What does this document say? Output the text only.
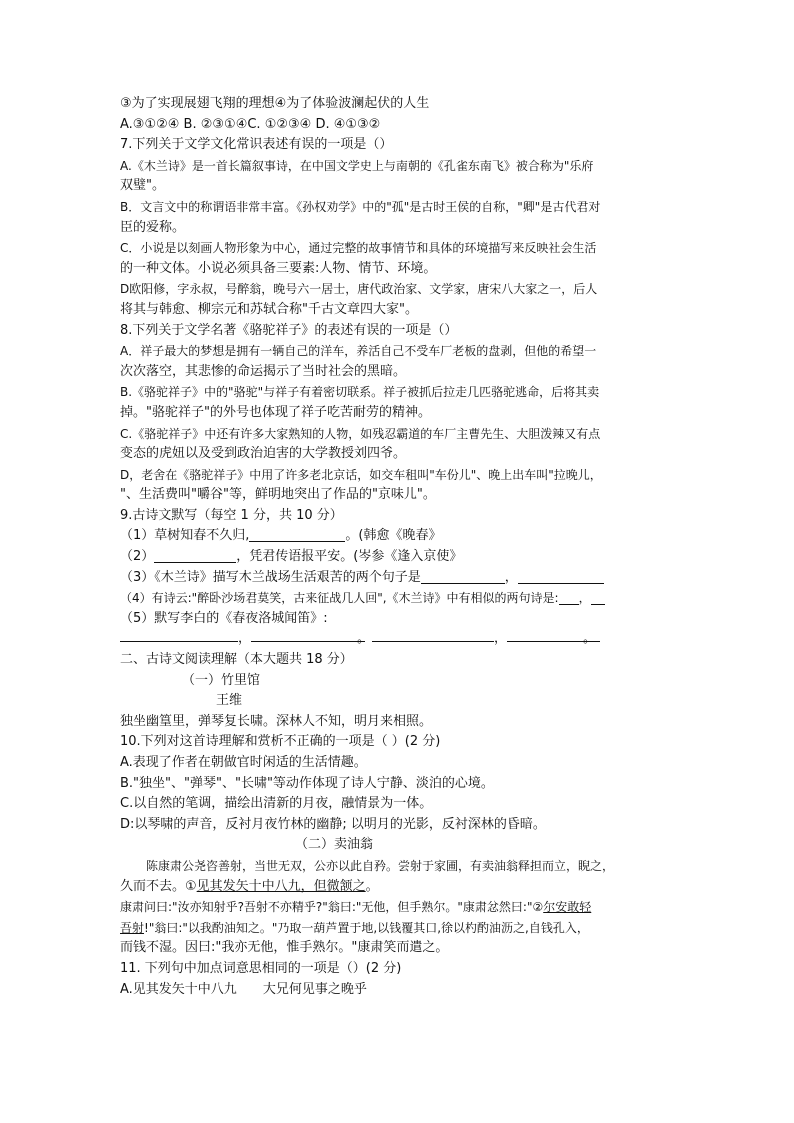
③为了实现展翅飞翔的理想④为了体验波澜起伏的人生
A.③①②④ B. ②③①④C. ①②③④ D. ④①③②
7.下列关于文学文化常识表述有误的一项是（）
A.《木兰诗》是一首长篇叙事诗，在中国文学史上与南朝的《孔雀东南飞》被合称为"乐府
双璧"。
B．文言文中的称谓语非常丰富。《孙权劝学》中的"孤"是古时王侯的自称，"卿"是古代君对
臣的爱称。
C．小说是以刻画人物形象为中心，通过完整的故事情节和具体的环境描写来反映社会生活
的一种文体。小说必须具备三要素:人物、情节、环境。
D欧阳修，字永叔，号醉翁，晚号六一居士，唐代政治家、文学家，唐宋八大家之一，后人
将其与韩愈、柳宗元和苏轼合称"千古文章四大家"。
8.下列关于文学名著《骆驼祥子》的表述有误的一项是（）
A．祥子最大的梦想是拥有一辆自己的洋车，养活自己不受车厂老板的盘剥，但他的希望一
次次落空，其悲惨的命运揭示了当时社会的黑暗。
B.《骆驼祥子》中的"骆驼"与祥子有着密切联系。祥子被抓后拉走几匹骆驼逃命，后将其卖
掉。"骆驼祥子"的外号也体现了祥子吃苦耐劳的精神。
C.《骆驼祥子》中还有许多大家熟知的人物，如残忍霸道的车厂主曹先生、大胆泼辣又有点
变态的虎妞以及受到政治迫害的大学教授刘四爷。
D，老舍在《骆驼祥子》中用了许多老北京话，如交车租叫"车份儿"、晚上出车叫"拉晚儿，
"、生活费叫"嚼谷"等，鲜明地突出了作品的"京味儿"。
9.古诗文默写（每空 1 分，共 10 分）
（1）草树知春不久归,	。(韩愈《晚春》
（2）	，凭君传语报平安。(岑参《逢入京使》
（3）《木兰诗》描写木兰战场生活艰苦的两个句子是	，
（4）有诗云:"醉卧沙场君莫笑，古来征战几人回",《木兰诗》中有相似的两句诗是: ，
（5）默写李白的《春夜洛城闻笛》:
，	。	，	。
二、古诗文阅读理解（本大题共 18 分）
（一）竹里馆
王维
独坐幽篁里，弹琴复长啸。深林人不知，明月来相照。
10.下列对这首诗理解和赏析不正确的一项是（ ）(2 分)
A.表现了作者在朝做官时闲适的生活情趣。
B."独坐"、"弹琴"、"长啸"等动作体现了诗人宁静、淡泊的心境。
C.以自然的笔调，描绘出清新的月夜，融情景为一体。
D:以琴啸的声音，反衬月夜竹林的幽静; 以明月的光影，反衬深林的昏暗。
（二）卖油翁
陈康肃公尧咨善射，当世无双，公亦以此自矜。尝射于家圃，有卖油翁释担而立，睨之，
久而不去。①见其发矢十中八九，但微颔之。
康肃问曰:"汝亦知射乎?吾射不亦精乎?"翁曰:"无他，但手熟尔。"康肃忿然曰:"②尔安敢轻
吾射!"翁曰:"以我酌油知之。"乃取一葫芦置于地,以钱覆其口,徐以杓酌油沥之,自钱孔入，
而钱不湿。因曰:"我亦无他，惟手熟尔。"康肃笑而遣之。
11. 下列句中加点词意思相同的一项是（）(2 分)
A.见其发矢十中八九 大兄何见事之晚乎
